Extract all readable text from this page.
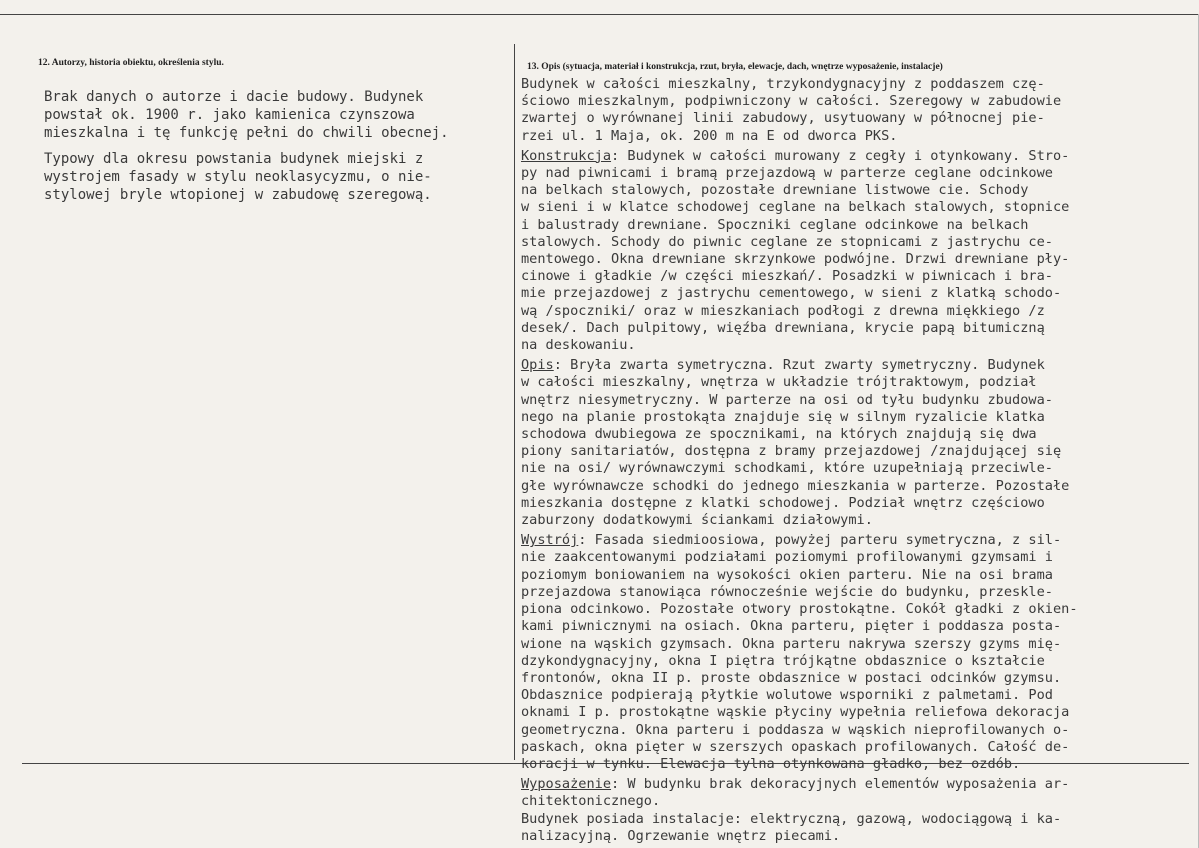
12. Autorzy, historia obiektu, określenia stylu.	13. Opis (sytuacja, materiał i konstrukcja, rzut, bryła, elewacje, dach, wnętrze wyposażenie, instalacje)

Brak danych o autorze i dacie budowy. Budynek
powstał ok. 1900 r. jako kamienica czynszowa
mieszkalna i tę funkcję pełni do chwili obecnej.

Typowy dla okresu powstania budynek miejski z
wystrojem fasady w stylu neoklasycyzmu, o nie-
stylowej bryle wtopionej w zabudowę szeregową.

Budynek w całości mieszkalny, trzykondygnacyjny z poddaszem czę-
ściowo mieszkalnym, podpiwniczony w całości. Szeregowy w zabudowie
zwartej o wyrównanej linii zabudowy, usytuowany w północnej pie-
rzei ul. 1 Maja, ok. 200 m na E od dworca PKS.
Konstrukcja: Budynek w całości murowany z cegły i otynkowany. Stro-
py nad piwnicami i bramą przejazdową w parterze ceglane odcinkowe
na belkach stalowych, pozostałe drewniane listwowe cie. Schody
w sieni i w klatce schodowej ceglane na belkach stalowych, stopnice
i balustrady drewniane. Spoczniki ceglane odcinkowe na belkach
stalowych. Schody do piwnic ceglane ze stopnicami z jastrychu ce-
mentowego. Okna drewniane skrzynkowe podwójne. Drzwi drewniane pły-
cinowe i gładkie /w części mieszkań/. Posadzki w piwnicach i bra-
mie przejazdowej z jastrychu cementowego, w sieni z klatką schodo-
wą /spoczniki/ oraz w mieszkaniach podłogi z drewna miękkiego /z
desek/. Dach pulpitowy, więźba drewniana, krycie papą bitumiczną
na deskowaniu.
Opis: Bryła zwarta symetryczna. Rzut zwarty symetryczny. Budynek
w całości mieszkalny, wnętrza w układzie trójtraktowym, podział
wnętrz niesymetryczny. W parterze na osi od tyłu budynku zbudowa-
nego na planie prostokąta znajduje się w silnym ryzalicie klatka
schodowa dwubiegowa ze spocznikami, na których znajdują się dwa
piony sanitariatów, dostępna z bramy przejazdowej /znajdującej się
nie na osi/ wyrównawczymi schodkami, które uzupełniają przeciwle-
głe wyrównawcze schodki do jednego mieszkania w parterze. Pozostałe
mieszkania dostępne z klatki schodowej. Podział wnętrz częściowo
zaburzony dodatkowymi ściankami działowymi.
Wystrój: Fasada siedmioosiowa, powyżej parteru symetryczna, z sil-
nie zaakcentowanymi podziałami poziomymi profilowanymi gzymsami i
poziomym boniowaniem na wysokości okien parteru. Nie na osi brama
przejazdowa stanowiąca równocześnie wejście do budynku, przeskle-
piona odcinkowo. Pozostałe otwory prostokątne. Cokół gładki z okien-
kami piwnicznymi na osiach. Okna parteru, pięter i poddasza posta-
wione na wąskich gzymsach. Okna parteru nakrywa szerszy gzyms mię-
dzykondygnacyjny, okna I piętra trójkątne obdasznice o kształcie
frontonów, okna II p. proste obdasznice w postaci odcinków gzymsu.
Obdasznice podpierają płytkie wolutowe wsporniki z palmetami. Pod
oknami I p. prostokątne wąskie płyciny wypełnia reliefowa dekoracja
geometryczna. Okna parteru i poddasza w wąskich nieprofilowanych o-
paskach, okna pięter w szerszych opaskach profilowanych. Całość de-
koracji w tynku. Elewacja tylna otynkowana gładko, bez ozdób.
Wyposażenie: W budynku brak dekoracyjnych elementów wyposażenia ar-
chitektonicznego.
Budynek posiada instalacje: elektryczną, gazową, wodociągową i ka-
nalizacyjną. Ogrzewanie wnętrz piecami.
